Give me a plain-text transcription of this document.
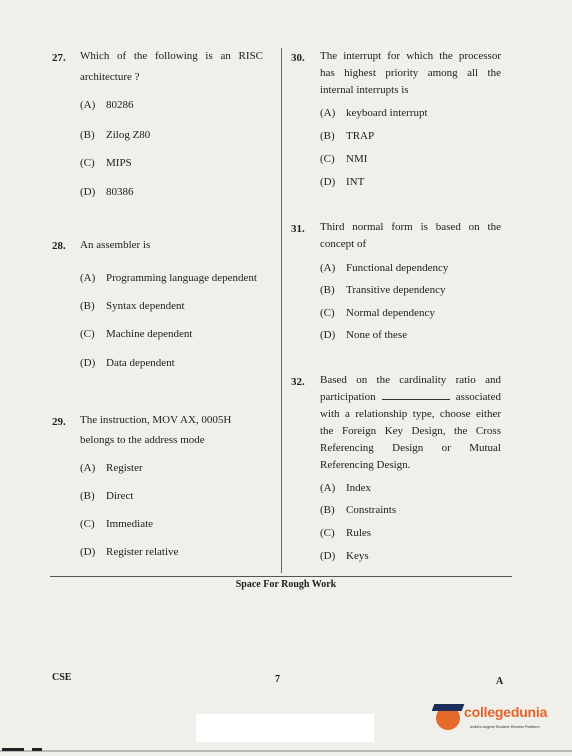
27. Which of the following is an RISC
architecture ?
(A) 80286
(B) Zilog Z80
(C) MIPS
(D) 80386
28. An assembler is
(A) Programming language dependent
(B) Syntax dependent
(C) Machine dependent
(D) Data dependent
29. The instruction, MOV AX, 0005H
belongs to the address mode
(A) Register
(B) Direct
(C) Immediate
(D) Register relative
30. The interrupt for which the processor
has highest priority among all the
internal interrupts is
(A) keyboard interrupt
(B) TRAP
(C) NMI
(D) INT
31. Third normal form is based on the
concept of
(A) Functional dependency
(B) Transitive dependency
(C) Normal dependency
(D) None of these
32. Based on the cardinality ratio and
participation	associated
with a relationship type, choose either
the Foreign Key Design, the Cross
Referencing Design or Mutual
Referencing Design.
(A) Index
(B) Constraints
(C) Rules
(D) Keys
Space For Rough Work
CSE	7	A
collegedunia
India's largest Student Review Platform
